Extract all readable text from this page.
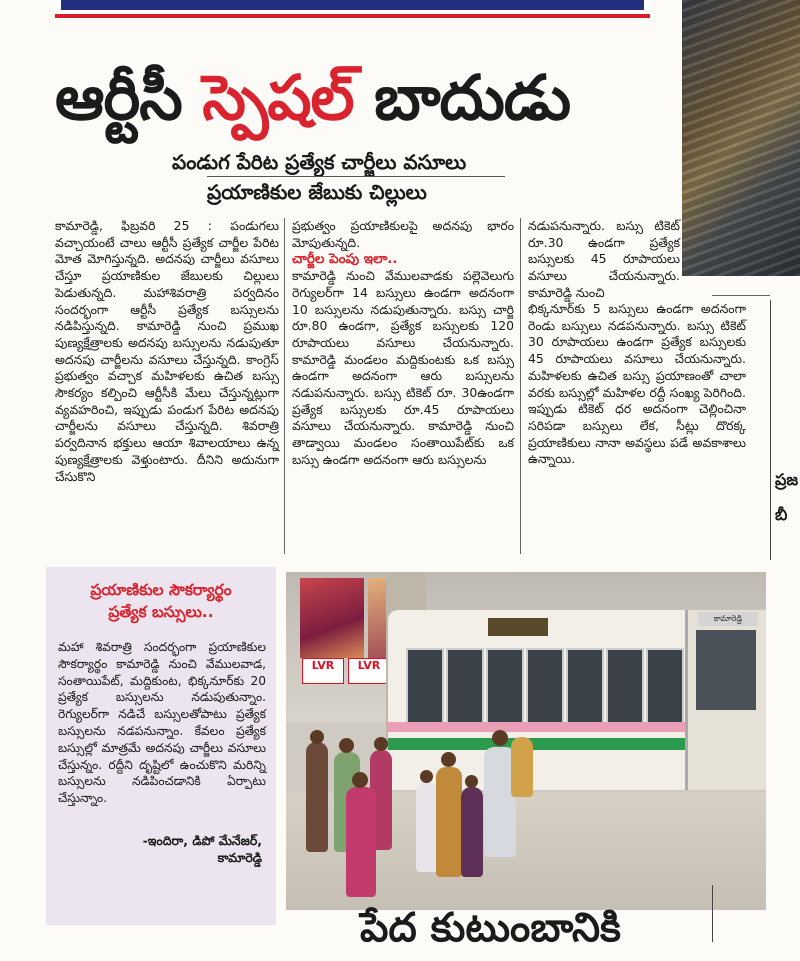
ఆర్టీసీ స్పెషల్ బాదుడు
పండుగ పేరిట ప్రత్యేక చార్జీలు వసూలు
ప్రయాణికుల జేబుకు చిల్లులు

కామారెడ్డి, ఫిబ్రవరి 25 : పండుగలు వచ్చాయంటే చాలు ఆర్టీసీ ప్రత్యేక చార్జీల పేరిట మోత మోగిస్తున్నది. అదనపు చార్జీలు వసూలు చేస్తూ ప్రయాణికుల జేబులకు చిల్లులు పెడుతున్నది. మహాశివరాత్రి పర్వదినం సందర్భంగా ఆర్టీసీ ప్రత్యేక బస్సులను నడిపిస్తున్నది. కామారెడ్డి నుంచి ప్రముఖ పుణ్యక్షేత్రాలకు అదనపు బస్సులను నడుపుతూ అదనపు చార్జీలను వసూలు చేస్తున్నది. కాంగ్రెస్ ప్రభుత్వం వచ్చాక మహిళలకు ఉచిత బస్సు సౌకర్యం కల్పించి ఆర్టీసీకి మేలు చేస్తున్నట్లుగా వ్యవహరించి, ఇప్పుడు పండుగ పేరిట అదనపు చార్జీలను వసూలు చేస్తున్నది. శివరాత్రి పర్వదినాన భక్తులు ఆయా శివాలయాలు ఉన్న పుణ్యక్షేత్రాలకు వెళ్తుంటారు. దీనిని అదునుగా చేసుకొని

ప్రభుత్వం ప్రయాణికులపై అదనపు భారం మోపుతున్నది.

చార్జీల పెంపు ఇలా..

కామారెడ్డి నుంచి వేములవాడకు పల్లెవెలుగు రెగ్యులర్‌గా 14 బస్సులు ఉండగా అదనంగా 10 బస్సులను నడుపుతున్నారు. బస్సు చార్జి రూ.80 ఉండగా, ప్రత్యేక బస్సులకు 120 రూపాయలు వసూలు చేయనున్నారు. కామారెడ్డి మండలం మద్దికుంటకు ఒక బస్సు ఉండగా అదనంగా ఆరు బస్సులను నడుపనున్నారు. బస్సు టికెట్ రూ. 30ఉండగా ప్రత్యేక బస్సులకు రూ.45 రూపాయలు వసూలు చేయనున్నారు. కామారెడ్డి నుంచి తాడ్వాయి మండలం సంతాయిపేట్‌కు ఒక బస్సు ఉండగా అదనంగా ఆరు బస్సులను

నడుపనున్నారు. బస్సు టికెట్ రూ.30 ఉండగా ప్రత్యేక బస్సులకు 45 రూపాయలు వసూలు చేయనున్నారు. కామారెడ్డి నుంచి

భిక్కనూర్‌కు 5 బస్సులు ఉండగా అదనంగా రెండు బస్సులు నడపనున్నారు. బస్సు టికెట్ 30 రూపాయలు ఉండగా ప్రత్యేక బస్సులకు 45 రూపాయలు వసూలు చేయనున్నారు. మహిళలకు ఉచిత బస్సు ప్రయాణంతో చాలా వరకు బస్సుల్లో మహిళల రద్దీ సంఖ్య పెరిగింది. ఇప్పుడు టికెట్ ధర అదనంగా చెల్లించినా సరిపడా బస్సులు లేక, సీట్లు దొరక్క ప్రయాణికులు నానా అవస్థలు పడే అవకాశాలు ఉన్నాయి.

ప్రజ
బీ
ప్రయాణికుల సౌకర్యార్థం
ప్రత్యేక బస్సులు..
మహా శివరాత్రి సందర్భంగా ప్రయాణికుల సౌకర్యార్థం కామారెడ్డి నుంచి వేములవాడ, సంతాయిపేట్, మద్దికుంట, భిక్కనూర్‌కు 20 ప్రత్యేక బస్సులను నడుపుతున్నాం. రెగ్యులర్‌గా నడిచే బస్సులతోపాటు ప్రత్యేక బస్సులను నడపనున్నాం. కేవలం ప్రత్యేక బస్సుల్లో మాత్రమే అదనపు చార్జీలు వసూలు చేస్తున్నం. రద్దీని దృష్టిలో ఉంచుకొని మరిన్ని బస్సులను నడిపించడానికి ఏర్పాటు చేస్తున్నాం.
-ఇందిరా, డిపో మేనేజర్,
కామారెడ్డి
LVR	LVR
కామారెడ్డి
పేద కుటుంబానికి
